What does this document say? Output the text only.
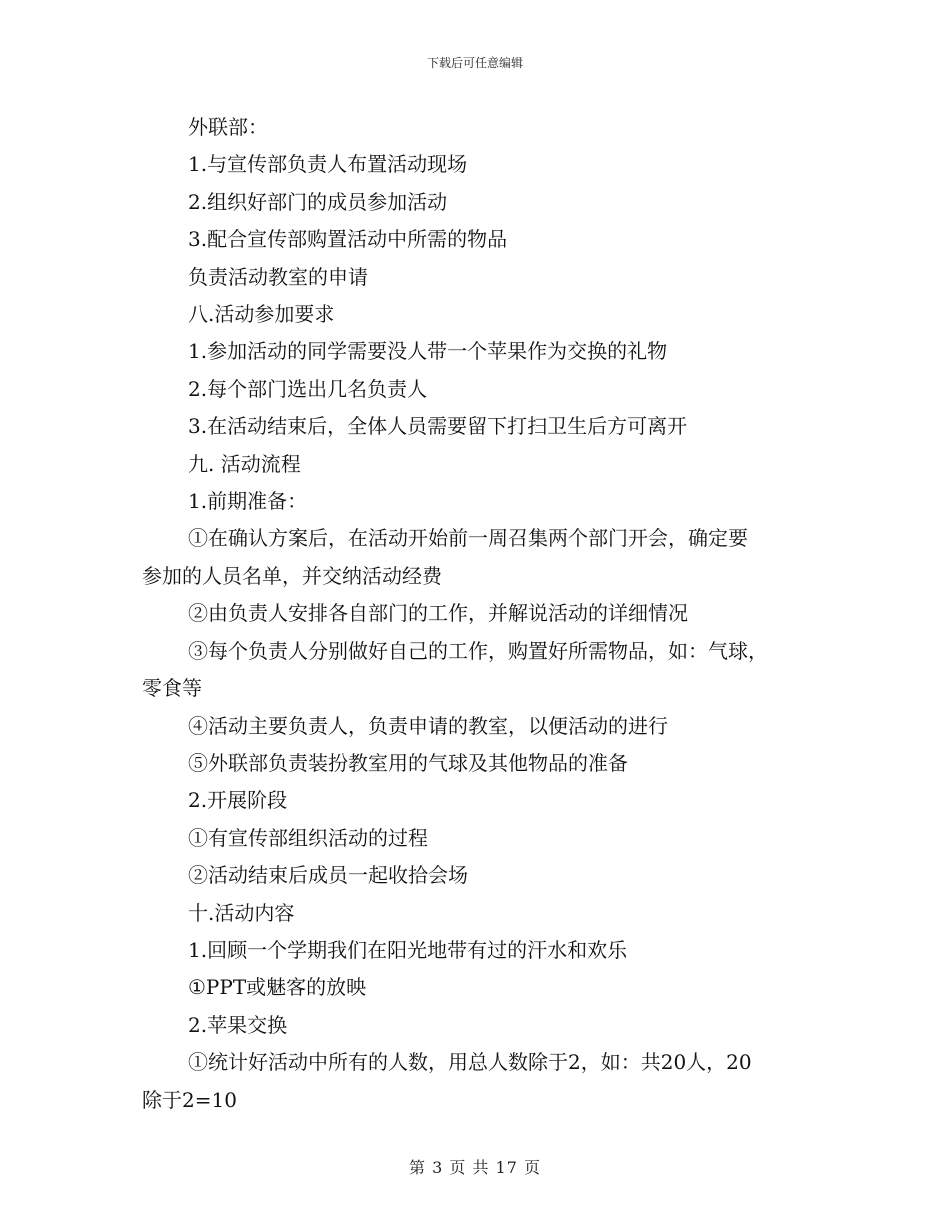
下载后可任意编辑
外联部：
1.与宣传部负责人布置活动现场
2.组织好部门的成员参加活动
3.配合宣传部购置活动中所需的物品
负责活动教室的申请
八.活动参加要求
1.参加活动的同学需要没人带一个苹果作为交换的礼物
2.每个部门选出几名负责人
3.在活动结束后，全体人员需要留下打扫卫生后方可离开
九. 活动流程
1.前期准备：
①在确认方案后，在活动开始前一周召集两个部门开会，确定要
参加的人员名单，并交纳活动经费
②由负责人安排各自部门的工作，并解说活动的详细情况
③每个负责人分别做好自己的工作，购置好所需物品，如：气球，
零食等
④活动主要负责人，负责申请的教室，以便活动的进行
⑤外联部负责装扮教室用的气球及其他物品的准备
2.开展阶段
①有宣传部组织活动的过程
②活动结束后成员一起收拾会场
十.活动内容
1.回顾一个学期我们在阳光地带有过的汗水和欢乐
①PPT或魅客的放映
2.苹果交换
①统计好活动中所有的人数，用总人数除于2，如：共20人，20
除于2=10
第 3 页 共 17 页
